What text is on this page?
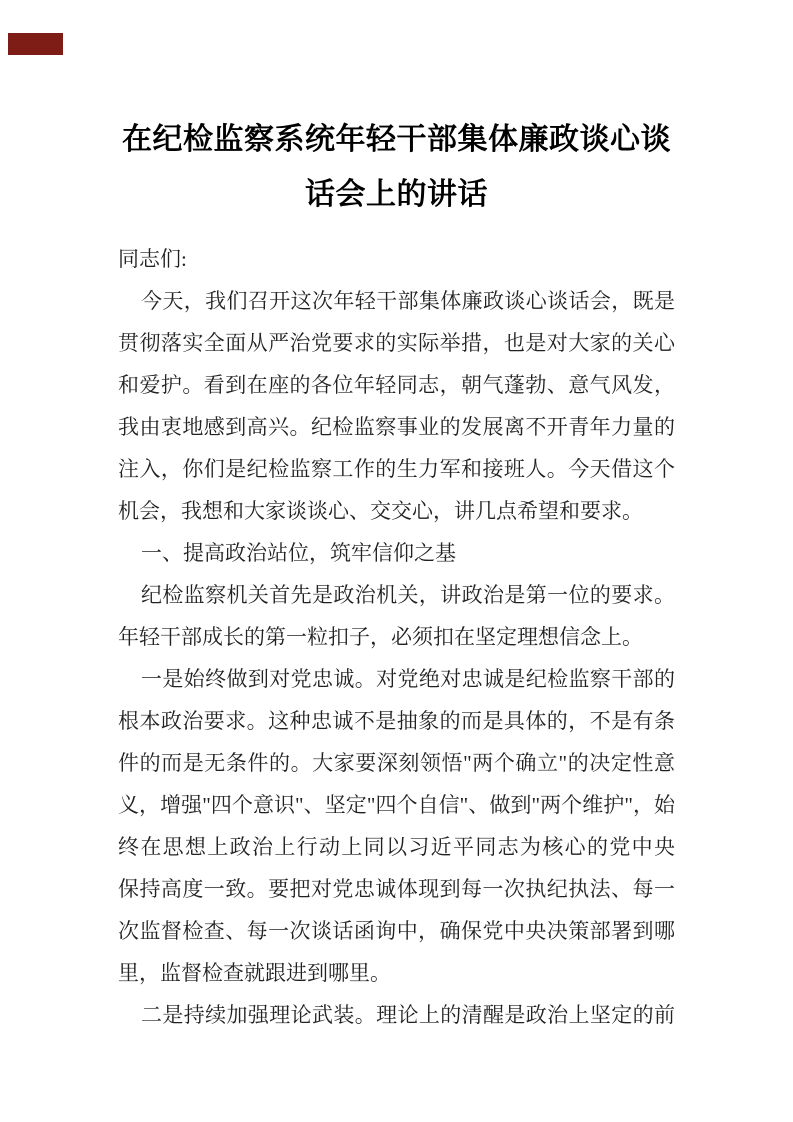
在纪检监察系统年轻干部集体廉政谈心谈
话会上的讲话
同志们:
今天，我们召开这次年轻干部集体廉政谈心谈话会，既是
贯彻落实全面从严治党要求的实际举措，也是对大家的关心
和爱护。看到在座的各位年轻同志，朝气蓬勃、意气风发，
我由衷地感到高兴。纪检监察事业的发展离不开青年力量的
注入，你们是纪检监察工作的生力军和接班人。今天借这个
机会，我想和大家谈谈心、交交心，讲几点希望和要求。
一、提高政治站位，筑牢信仰之基
纪检监察机关首先是政治机关，讲政治是第一位的要求。
年轻干部成长的第一粒扣子，必须扣在坚定理想信念上。
一是始终做到对党忠诚。对党绝对忠诚是纪检监察干部的
根本政治要求。这种忠诚不是抽象的而是具体的，不是有条
件的而是无条件的。大家要深刻领悟"两个确立"的决定性意
义，增强"四个意识"、坚定"四个自信"、做到"两个维护"，始
终在思想上政治上行动上同以习近平同志为核心的党中央
保持高度一致。要把对党忠诚体现到每一次执纪执法、每一
次监督检查、每一次谈话函询中，确保党中央决策部署到哪
里，监督检查就跟进到哪里。
二是持续加强理论武装。理论上的清醒是政治上坚定的前
